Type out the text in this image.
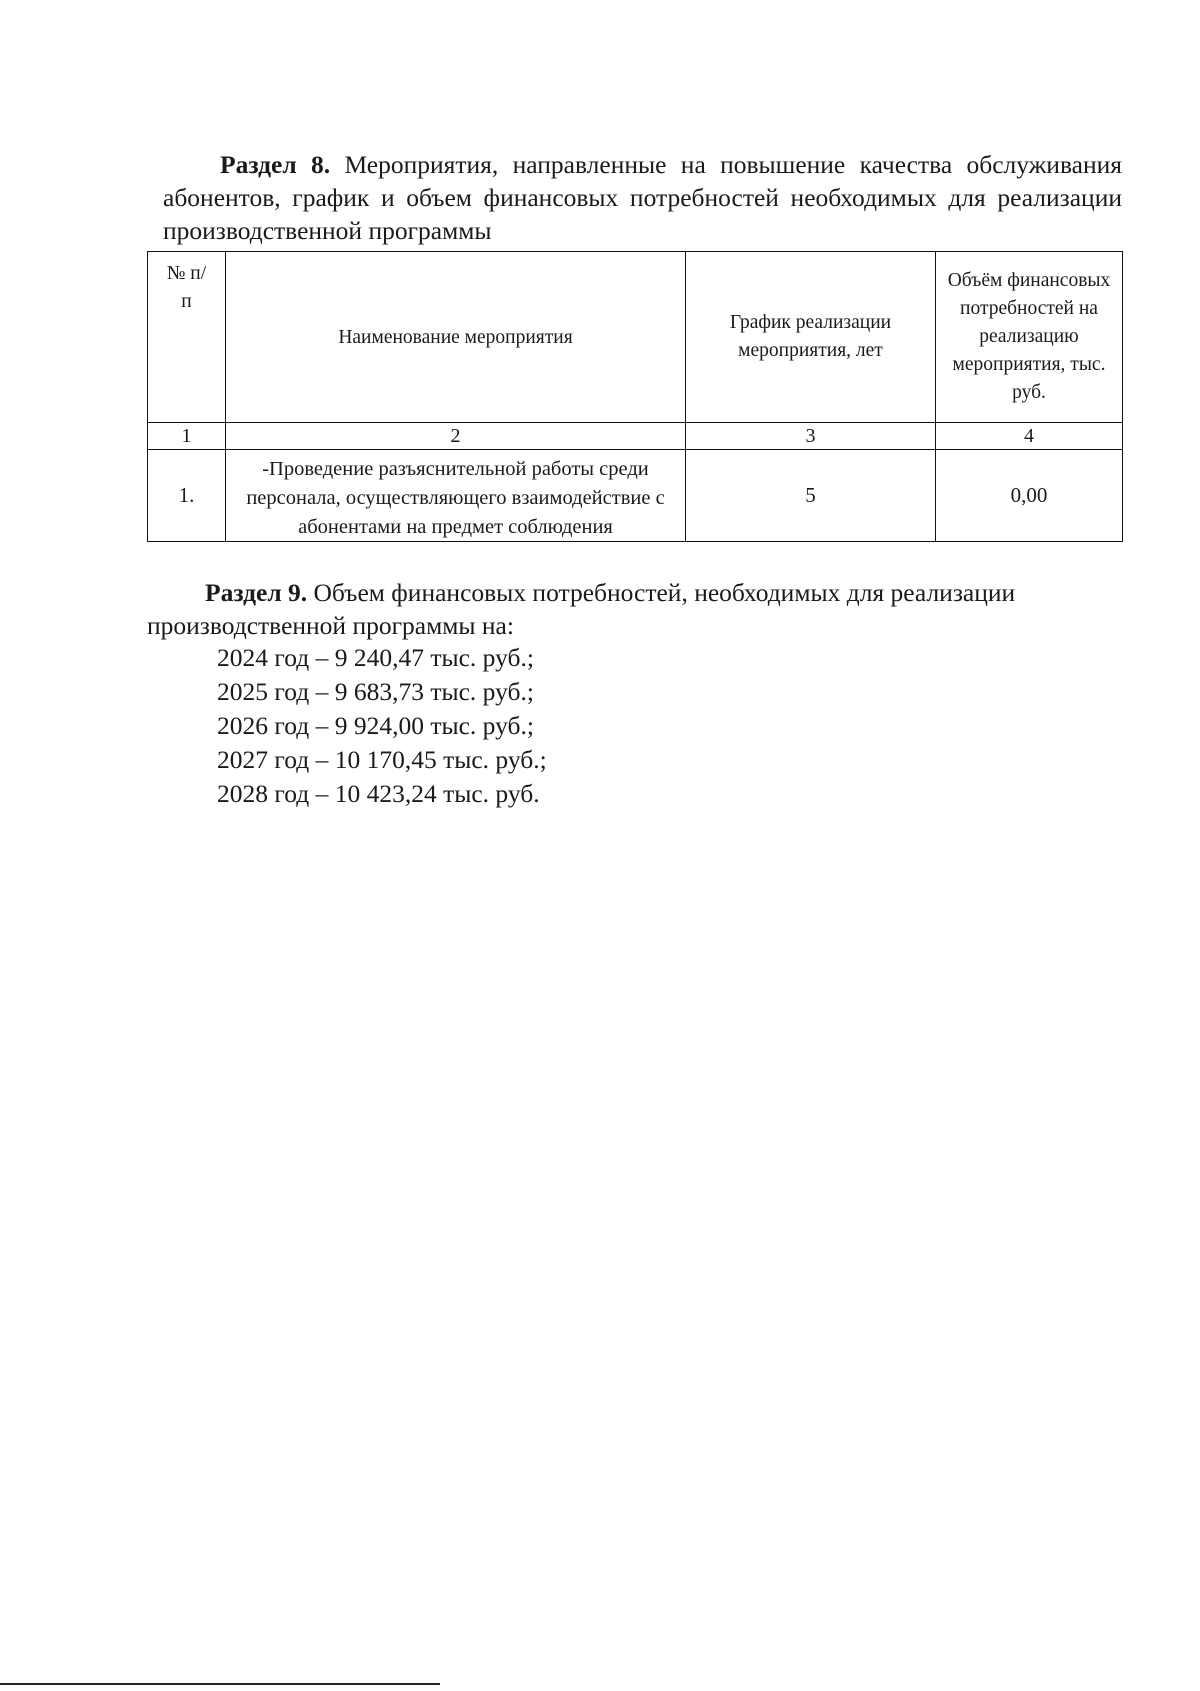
Раздел 8. Мероприятия, направленные на повышение качества обслуживания абонентов, график и объем финансовых потребностей необходимых для реализации производственной программы

№ п/п	Наименование мероприятия	График реализации мероприятия, лет	Объём финансовых потребностей на реализацию мероприятия, тыс. руб.
1	2	3	4
1.	-Проведение разъяснительной работы среди персонала, осуществляющего взаимодействие с абонентами на предмет соблюдения	5	0,00

Раздел 9. Объем финансовых потребностей, необходимых для реализации производственной программы на:

2024 год – 9 240,47 тыс. руб.;
2025 год – 9 683,73 тыс. руб.;
2026 год – 9 924,00 тыс. руб.;
2027 год – 10 170,45 тыс. руб.;
2028 год – 10 423,24 тыс. руб.
